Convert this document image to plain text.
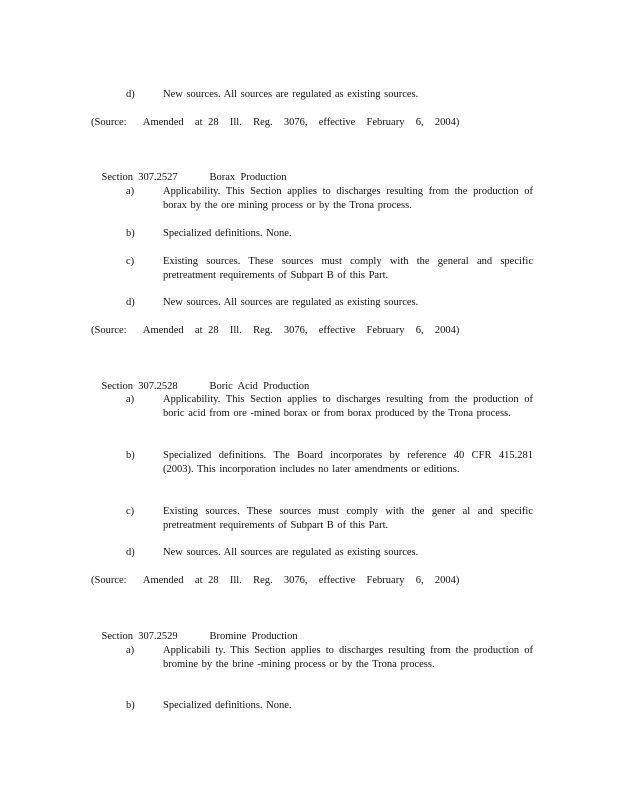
d)	New sources. All sources are regulated as existing sources.
(Source:   Amended  at 28  Ill.  Reg.  3076,  effective  February  6,  2004)

Section  307.2527	Borax  Production

a)	Applicability. This Section applies to discharges resulting from the production of borax by the ore mining process or by the Trona process.
b)	Specialized definitions. None.
c)	Existing sources. These sources must comply with the general and specific pretreatment requirements of Subpart B of this Part.
d)	New sources. All sources are regulated as existing sources.
(Source:   Amended  at 28  Ill.  Reg.  3076,  effective  February  6,  2004)

Section  307.2528	Boric  Acid  Production

a)	Applicability. This Section applies to discharges resulting from the production of boric acid from ore -mined borax or from borax produced by the Trona process.
b)	Specialized definitions. The Board incorporates by reference 40 CFR 415.281 (2003). This incorporation includes no later amendments or editions.
c)	Existing sources. These sources must comply with the gener al and specific pretreatment requirements of Subpart B of this Part.
d)	New sources. All sources are regulated as existing sources.
(Source:   Amended  at 28  Ill.  Reg.  3076,  effective  February  6,  2004)

Section  307.2529	Bromine  Production

a)	Applicabili ty. This Section applies to discharges resulting from the production of bromine by the brine -mining process or by the Trona process.
b)	Specialized definitions. None.
